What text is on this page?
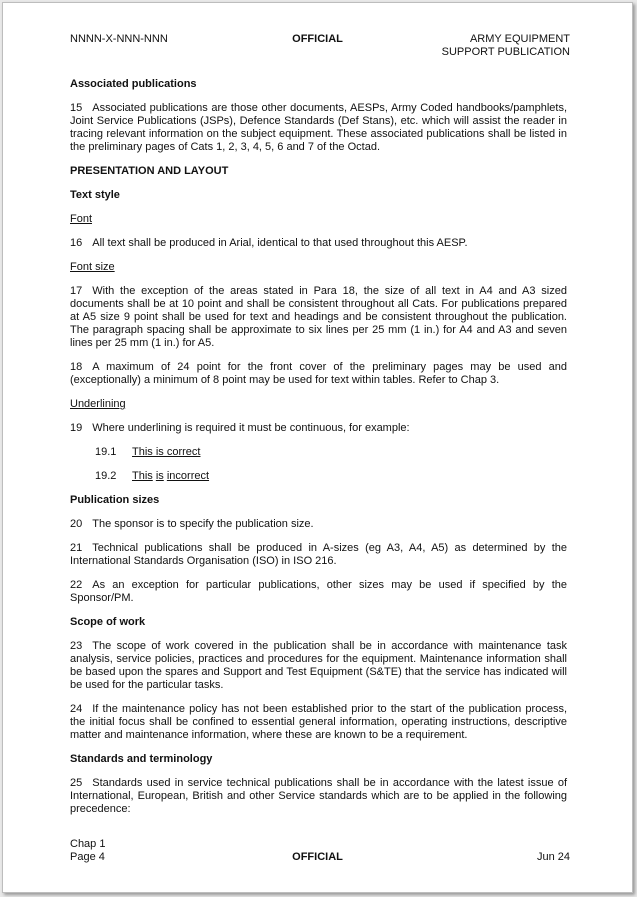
NNNN-X-NNN-NNN	OFFICIAL	ARMY EQUIPMENT
SUPPORT PUBLICATION
Associated publications
15 Associated publications are those other documents, AESPs, Army Coded handbooks/pamphlets, Joint Service Publications (JSPs), Defence Standards (Def Stans), etc. which will assist the reader in tracing relevant information on the subject equipment. These associated publications shall be listed in the preliminary pages of Cats 1, 2, 3, 4, 5, 6 and 7 of the Octad.
PRESENTATION AND LAYOUT
Text style
Font
16 All text shall be produced in Arial, identical to that used throughout this AESP.
Font size
17 With the exception of the areas stated in Para 18, the size of all text in A4 and A3 sized documents shall be at 10 point and shall be consistent throughout all Cats. For publications prepared at A5 size 9 point shall be used for text and headings and be consistent throughout the publication. The paragraph spacing shall be approximate to six lines per 25 mm (1 in.) for A4 and A3 and seven lines per 25 mm (1 in.) for A5.
18 A maximum of 24 point for the front cover of the preliminary pages may be used and (exceptionally) a minimum of 8 point may be used for text within tables. Refer to Chap 3.
Underlining
19 Where underlining is required it must be continuous, for example:
19.1 This is correct
19.2 This is incorrect
Publication sizes
20 The sponsor is to specify the publication size.
21 Technical publications shall be produced in A-sizes (eg A3, A4, A5) as determined by the International Standards Organisation (ISO) in ISO 216.
22 As an exception for particular publications, other sizes may be used if specified by the Sponsor/PM.
Scope of work
23 The scope of work covered in the publication shall be in accordance with maintenance task analysis, service policies, practices and procedures for the equipment. Maintenance information shall be based upon the spares and Support and Test Equipment (S&TE) that the service has indicated will be used for the particular tasks.
24 If the maintenance policy has not been established prior to the start of the publication process, the initial focus shall be confined to essential general information, operating instructions, descriptive matter and maintenance information, where these are known to be a requirement.
Standards and terminology
25 Standards used in service technical publications shall be in accordance with the latest issue of International, European, British and other Service standards which are to be applied in the following precedence:
Chap 1
Page 4	OFFICIAL	Jun 24
